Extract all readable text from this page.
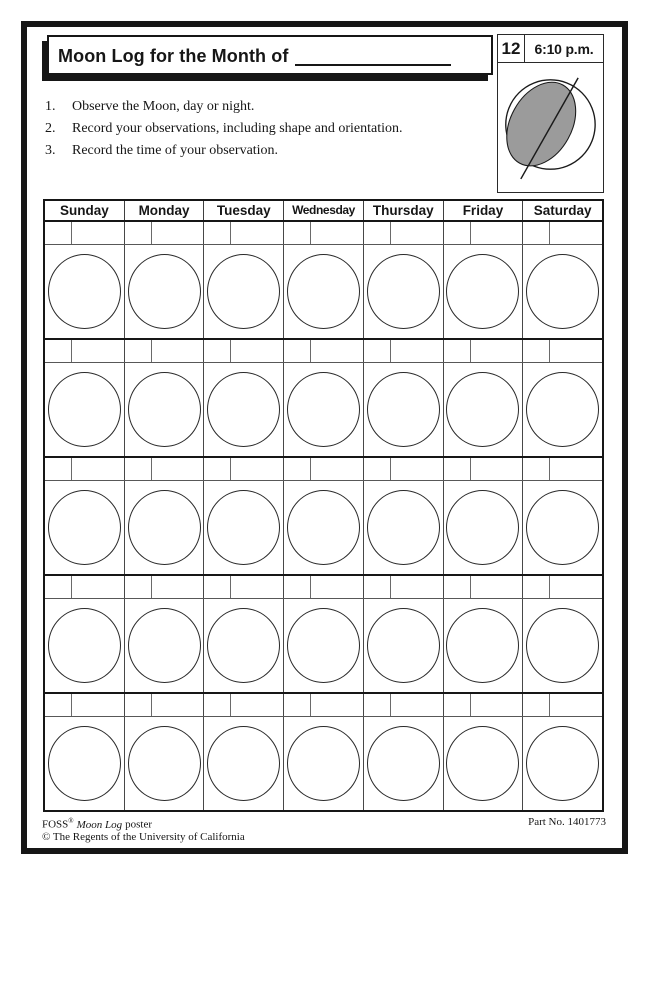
Moon Log for the Month of	12	6:10 p.m.
1.	Observe the Moon, day or night.
2.	Record your observations, including shape and orientation.
3.	Record the time of your observation.
Sunday	Monday	Tuesday	Wednesday	Thursday	Friday	Saturday
FOSS® Moon Log poster
© The Regents of the University of California
Part No. 1401773
